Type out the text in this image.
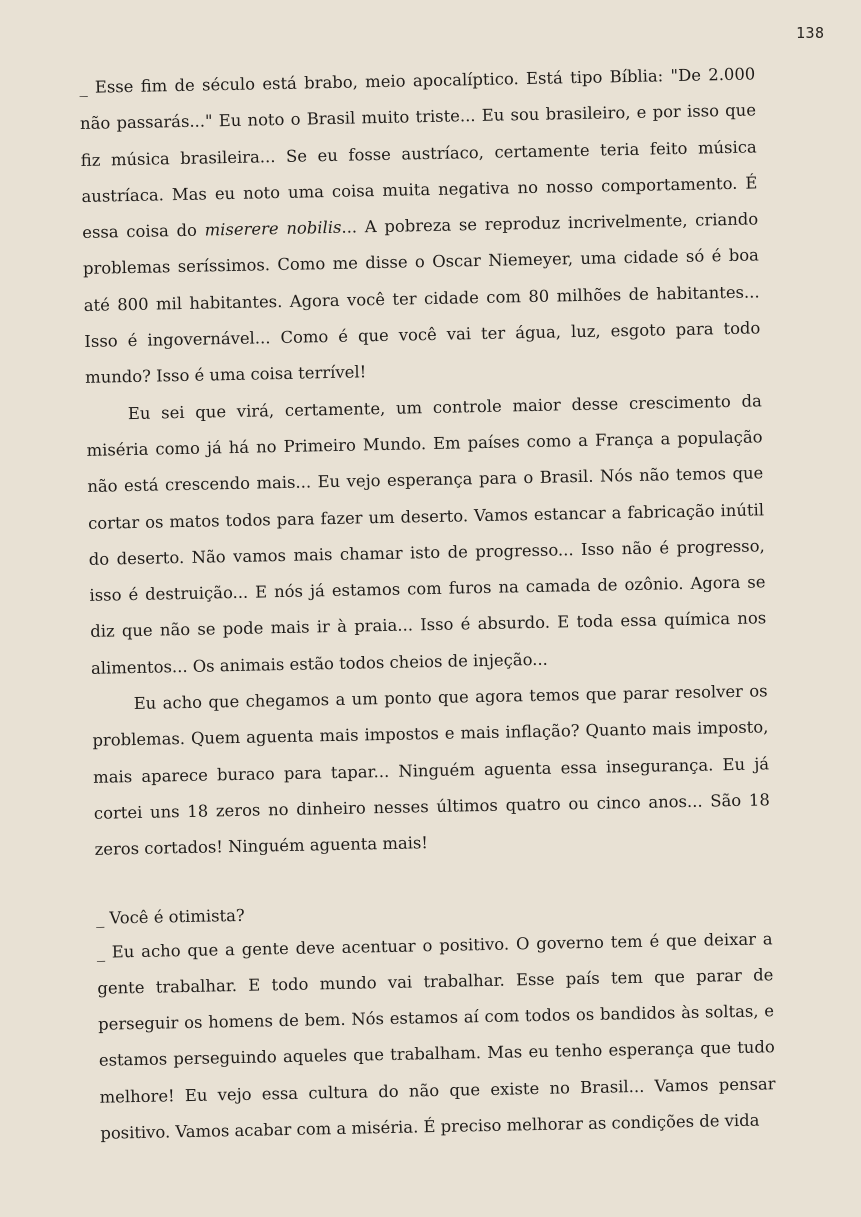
138

_ Esse fim de século está brabo, meio apocalíptico. Está tipo Bíblia: "De 2.000 não passarás..." Eu noto o Brasil muito triste... Eu sou brasileiro, e por isso que fiz música brasileira... Se eu fosse austríaco, certamente teria feito música austríaca. Mas eu noto uma coisa muita negativa no nosso comportamento. É essa coisa do miserere nobilis... A pobreza se reproduz incrivelmente, criando problemas seríssimos. Como me disse o Oscar Niemeyer, uma cidade só é boa até 800 mil habitantes. Agora você ter cidade com 80 milhões de habitantes... Isso é ingovernável... Como é que você vai ter água, luz, esgoto para todo mundo? Isso é uma coisa terrível!

Eu sei que virá, certamente, um controle maior desse crescimento da miséria como já há no Primeiro Mundo. Em países como a França a população não está crescendo mais... Eu vejo esperança para o Brasil. Nós não temos que cortar os matos todos para fazer um deserto. Vamos estancar a fabricação inútil do deserto. Não vamos mais chamar isto de progresso... Isso não é progresso, isso é destruição... E nós já estamos com furos na camada de ozônio. Agora se diz que não se pode mais ir à praia... Isso é absurdo. E toda essa química nos alimentos... Os animais estão todos cheios de injeção...

Eu acho que chegamos a um ponto que agora temos que parar resolver os problemas. Quem aguenta mais impostos e mais inflação? Quanto mais imposto, mais aparece buraco para tapar... Ninguém aguenta essa insegurança. Eu já cortei uns 18 zeros no dinheiro nesses últimos quatro ou cinco anos... São 18 zeros cortados! Ninguém aguenta mais!

_ Você é otimista?

_ Eu acho que a gente deve acentuar o positivo. O governo tem é que deixar a gente trabalhar. E todo mundo vai trabalhar. Esse país tem que parar de perseguir os homens de bem. Nós estamos aí com todos os bandidos às soltas, e estamos perseguindo aqueles que trabalham. Mas eu tenho esperança que tudo melhore! Eu vejo essa cultura do não que existe no Brasil... Vamos pensar positivo. Vamos acabar com a miséria. É preciso melhorar as condições de vida
